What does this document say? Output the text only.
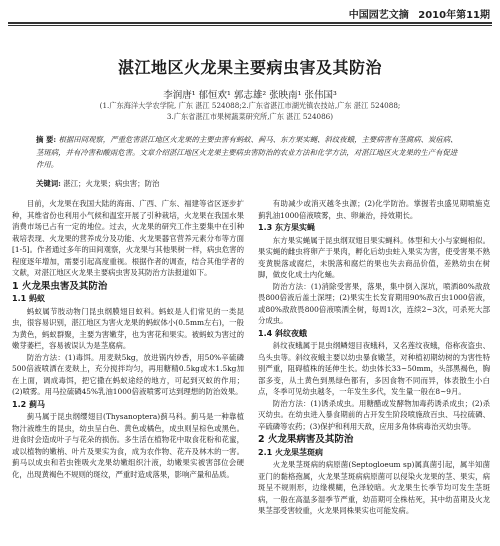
中国园艺文摘 2010年第11期
湛江地区火龙果主要病虫害及其防治
李润唐¹ 郁恒欢¹ 郭志雄² 张映南¹ 张伟国³
(1.广东海洋大学农学院, 广东 湛江 524088;2.广东省湛江市湖光镇农技站,广东 湛江 524088;
3.广东省湛江市果树蔬菜研究所,广东 湛江 524086)
摘 要: 根据田间观察，严重危害湛江地区火龙果的主要虫害有蚂蚁、蓟马、东方果实蝇、斜纹夜蛾，主要病害有茎腐病、炭疽病、茎斑病，并有冷害和酸雨危害。文章介绍湛江地区火龙果主要病虫害防治的农业方法和化学方法，对湛江地区火龙果的生产有促进作用。
关键词: 湛江；火龙果；病虫害；防治

目前，火龙果在我国大陆的海南、广西、广东、福建等省区逐步扩种，其维省份也利用小气候和温室开展了引种栽培，火龙果在我国水果消费市场已占有一定的地位。过去，火龙果的研究工作主要集中在引种栽培表现、火龙果的营养成分及功能、火龙果器官营养元素分布等方面[1-5]。作者通过多年的田间观察，火龙果与其他果树一样，病虫危害的程度逐年增加，需要引起高度重视。根据作者的调查，结合其他学者的文献，对湛江地区火龙果主要病虫害及其防治方法报道如下。

1 火龙果虫害及其防治
1.1 蚂蚁

蚂蚁属节肢动物门昆虫纲膜翅目蚁科。蚂蚁是人们常见的一类昆虫，很容易识别，湛江地区为害火龙果的蚂蚁体小(0.5mm左右)，一般为黄色，蚂蚁群聚，主要为害嫩芽，也为害花和果实。被蚂蚁为害过的嫩芽萎栏，容易被误认为是茎腐病。

防治方法：(1)毒饵。用麦麸5kg，放进锅内炒香，用50%辛硫磷500倍液喷洒在麦麸上，充分搅拌均匀，再用糖精0.5kg或木1.5kg加在上面，调成毒饵，把它撒在蚂蚁途经的地方，可起到灭蚁的作用；(2)喷雾。用马拉硫磷45%乳油1000倍液喷雾可达到理想的防治效果。

1.2 蓟马

蓟马属于昆虫纲缨翅目(Thysanoptera)蓟马科。蓟马是一种靠植物汁液维生的昆虫，幼虫呈白色、黄色或橘色，成虫则呈棕色或黑色。进食时会造成叶子与花朵的损伤。多生活在植物花中取食花粉和花蜜，或以植物的嫩梢、叶片及果实为食，成为农作物、花卉及林木的一害。蓟马以成虫和若虫锉吸火龙果幼嫩组织汁液，幼嫩果实被害部位会硬化，出现黄褐色不规则的斑纹，严重时造成落果，影响产量和品质。

有助减少或消灭越冬虫源；(2)化学防治。掌握若虫盛见期喷施克蓟乳油1000倍液喷雾，虫、卵兼治，持效期长。

1.3 东方果实蝇

东方果实蝇属于昆虫纲双翅目果实蝇科。体型和大小与家蝇相似。果实蝇的雌虫将卵产于果肉，孵化后幼虫蛀入果实为害，使受害果不熟变黄脱落或腐烂，未脱落和腐烂的果也失去商品价值，差熟幼虫在树脚，做皮化成土内化蛹。

防治方法：(1)消除受害果，落果，集中倒入深坑，喷洒80%敌敌畏800倍液后盖土深埋；(2)果实生长发育期用90%敌百虫1000倍液，或80%敌敌畏800倍液喷洒全树，每周1次，连续2~3次，可杀死大部分成虫。

1.4 斜纹夜蛾

斜纹夜蛾属于昆虫纲鳞翅目夜蛾科，又名莲纹夜蛾，俗称夜盗虫、乌头虫等。斜纹夜蛾主要以幼虫暴食嫩茎，对种植初期幼树的为害性特别严重，阻碍植株的延伸生长。幼虫体长33~50mm，头部黑褐色，胸部多变，从土黄色到黑绿色都有，多因食物不同而异，体表散生小白点，冬季可见幼虫越冬，一年发生多代，发生量一般在8~9月。

防治方法：(1)诱杀成虫。用糖醋或发酵物加毒药诱杀成虫；(2)杀灭幼虫。在幼虫进入暴食期前的占开发生阶段喷施敌百虫、马拉硫磷、辛硫磷等农药；(3)保护和利用天敌，应用多角体病毒治灭幼虫等。

2 火龙果病害及其防治
2.1 火龙果茎斑病

火龙果茎斑病的病原菌(Septogloeum sp)属真菌引起，属半知菌亚门的黏格孢属，火龙果茎斑病病原菌可以侵染火龙果的茎、果实，病斑呈不规则形，边缘模糊，色泽较暗。火龙果生长季节均可发生茎斑病，一般在高温多湿季节严重，幼苗期可全株枯死，其中幼苗期及火龙果茎部受害较重，火龙果同株果实也可能发病。
